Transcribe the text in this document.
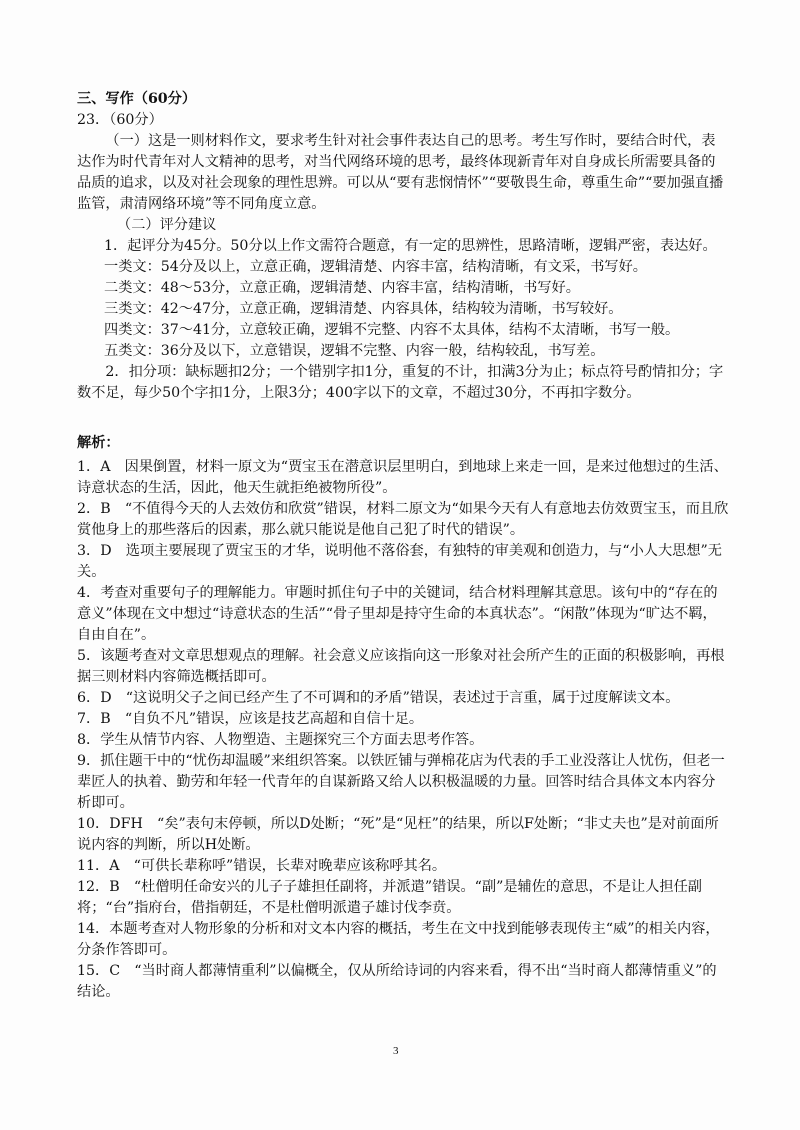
三、写作（60分）
23．（60分）

（一）这是一则材料作文，要求考生针对社会事件表达自己的思考。考生写作时，要结合时代，表达作为时代青年对人文精神的思考，对当代网络环境的思考，最终体现新青年对自身成长所需要具备的品质的追求，以及对社会现象的理性思辨。可以从“要有悲悯情怀”“要敬畏生命，尊重生命”“要加强直播监管，肃清网络环境”等不同角度立意。

（二）评分建议

1．起评分为45分。50分以上作文需符合题意，有一定的思辨性，思路清晰，逻辑严密，表达好。

一类文：54分及以上，立意正确，逻辑清楚、内容丰富，结构清晰，有文采，书写好。

二类文：48～53分，立意正确，逻辑清楚、内容丰富，结构清晰，书写好。

三类文：42～47分，立意正确，逻辑清楚、内容具体，结构较为清晰，书写较好。

四类文：37～41分，立意较正确，逻辑不完整、内容不太具体，结构不太清晰，书写一般。

五类文：36分及以下，立意错误，逻辑不完整、内容一般，结构较乱，书写差。

2．扣分项：缺标题扣2分；一个错别字扣1分，重复的不计，扣满3分为止；标点符号酌情扣分；字数不足，每少50个字扣1分，上限3分；400字以下的文章，不超过30分，不再扣字数分。

解析：

1．A　因果倒置，材料一原文为“贾宝玉在潜意识层里明白，到地球上来走一回，是来过他想过的生活、诗意状态的生活，因此，他天生就拒绝被物所役”。

2．B　“不值得今天的人去效仿和欣赏”错误，材料二原文为“如果今天有人有意地去仿效贾宝玉，而且欣赏他身上的那些落后的因素，那么就只能说是他自己犯了时代的错误”。

3．D　选项主要展现了贾宝玉的才华，说明他不落俗套，有独特的审美观和创造力，与“小人大思想”无关。

4．考查对重要句子的理解能力。审题时抓住句子中的关键词，结合材料理解其意思。该句中的“存在的意义”体现在文中想过“诗意状态的生活”“骨子里却是持守生命的本真状态”。“闲散”体现为“旷达不羁，自由自在”。

5．该题考查对文章思想观点的理解。社会意义应该指向这一形象对社会所产生的正面的积极影响，再根据三则材料内容筛选概括即可。

6．D　“这说明父子之间已经产生了不可调和的矛盾”错误，表述过于言重，属于过度解读文本。

7．B　“自负不凡”错误，应该是技艺高超和自信十足。

8．学生从情节内容、人物塑造、主题探究三个方面去思考作答。

9．抓住题干中的“忧伤却温暖”来组织答案。以铁匠铺与弹棉花店为代表的手工业没落让人忧伤，但老一辈匠人的执着、勤劳和年轻一代青年的自谋新路又给人以积极温暖的力量。回答时结合具体文本内容分析即可。

10．DFH　“矣”表句末停顿，所以D处断；“死”是“见枉”的结果，所以F处断；“非丈夫也”是对前面所说内容的判断，所以H处断。

11．A　“可供长辈称呼”错误，长辈对晚辈应该称呼其名。

12．B　“杜僧明任命安兴的儿子子雄担任副将，并派遣”错误。“副”是辅佐的意思，不是让人担任副将；“台”指府台，借指朝廷，不是杜僧明派遣子雄讨伐李贲。

14．本题考查对人物形象的分析和对文本内容的概括，考生在文中找到能够表现传主“威”的相关内容，分条作答即可。

15．C　“当时商人都薄情重利”以偏概全，仅从所给诗词的内容来看，得不出“当时商人都薄情重义”的结论。

3
